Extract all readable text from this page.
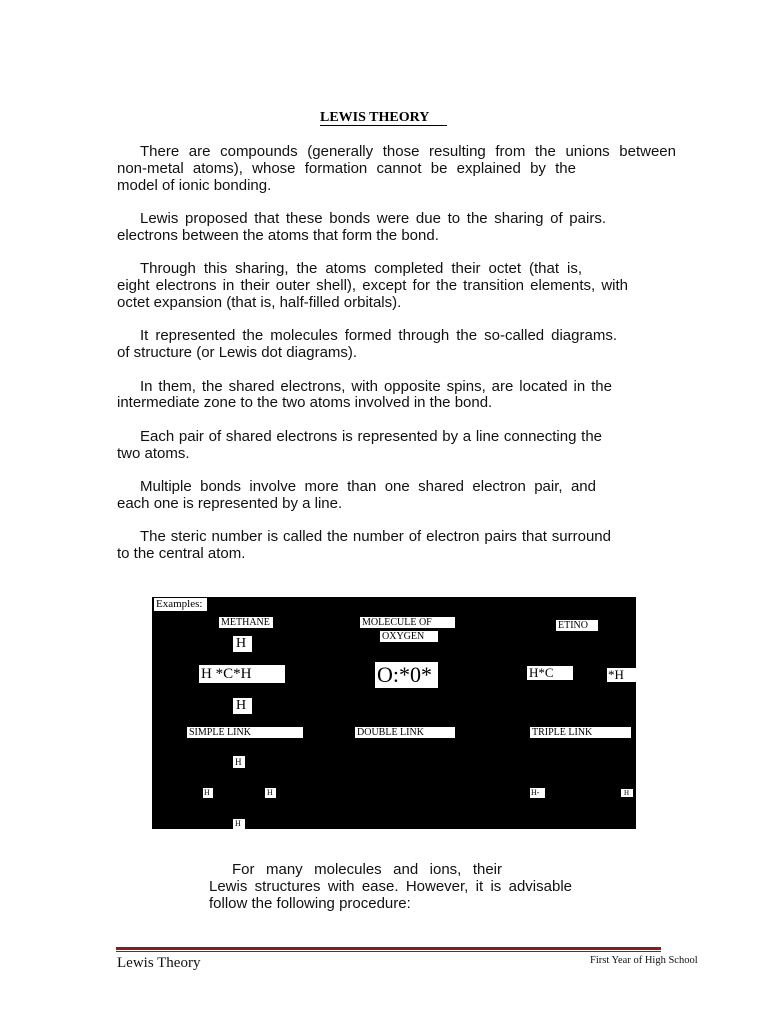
LEWIS THEORY
There are compounds (generally those resulting from the unions between
non-metal atoms), whose formation cannot be explained by the
model of ionic bonding.
Lewis proposed that these bonds were due to the sharing of pairs.
electrons between the atoms that form the bond.
Through this sharing, the atoms completed their octet (that is,
eight electrons in their outer shell), except for the transition elements, with
octet expansion (that is, half-filled orbitals).
It represented the molecules formed through the so-called diagrams.
of structure (or Lewis dot diagrams).
In them, the shared electrons, with opposite spins, are located in the
intermediate zone to the two atoms involved in the bond.
Each pair of shared electrons is represented by a line connecting the
two atoms.
Multiple bonds involve more than one shared electron pair, and
each one is represented by a line.
The steric number is called the number of electron pairs that surround
to the central atom.
Examples:
METHANE	MOLECULE OF
OXYGEN
ETINO
H
H *C*H	O:*0*	H*C	*H
H
SIMPLE LINK	DOUBLE LINK	TRIPLE LINK
H
H	H	H-	H
H
For many molecules and ions, their
Lewis structures with ease. However, it is advisable
follow the following procedure:
Lewis Theory	First Year of High School
